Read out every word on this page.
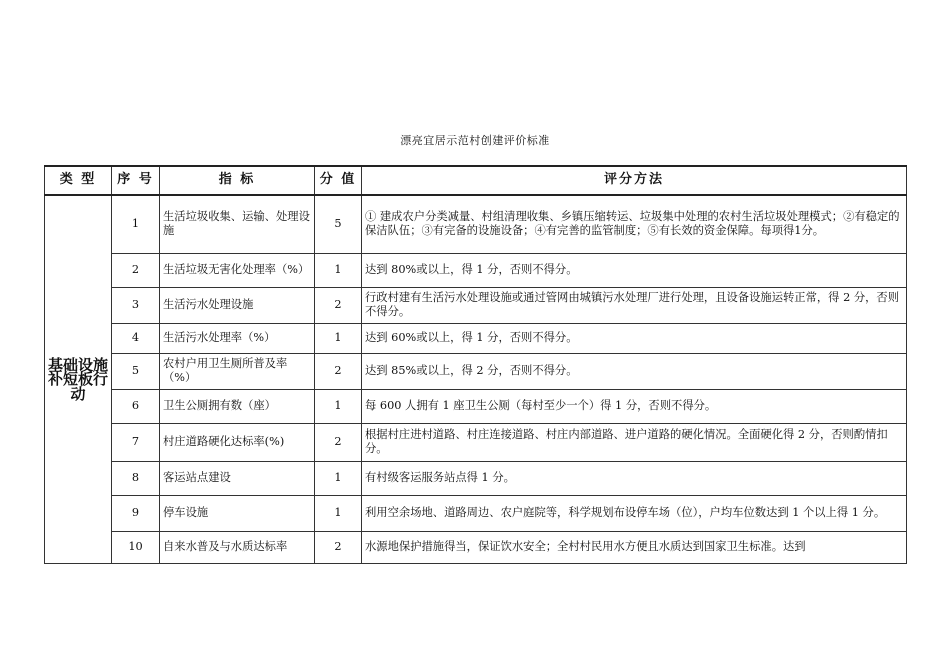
漂亮宜居示范村创建评价标准
类 型	序 号	指 标	分 值	评分方法
基础设施补短板行动	1	生活垃圾收集、运输、处理设施	5	① 建成农户分类减量、村组清理收集、乡镇压缩转运、垃圾集中处理的农村生活垃圾处理模式；②有稳定的保洁队伍；③有完备的设施设备；④有完善的监管制度；⑤有长效的资金保障。每项得1分。
	2	生活垃圾无害化处理率（%）	1	达到 80%或以上，得 1 分，否则不得分。
	3	生活污水处理设施	2	行政村建有生活污水处理设施或通过管网由城镇污水处理厂进行处理，且设备设施运转正常，得 2 分，否则不得分。
	4	生活污水处理率（%）	1	达到 60%或以上，得 1 分，否则不得分。
	5	农村户用卫生厕所普及率（%）	2	达到 85%或以上，得 2 分，否则不得分。
	6	卫生公厕拥有数（座）	1	每 600 人拥有 1 座卫生公厕（每村至少一个）得 1 分，否则不得分。
	7	村庄道路硬化达标率(%)	2	根据村庄进村道路、村庄连接道路、村庄内部道路、进户道路的硬化情况。全面硬化得 2 分，否则酌情扣分。
	8	客运站点建设	1	有村级客运服务站点得 1 分。
	9	停车设施	1	利用空余场地、道路周边、农户庭院等，科学规划布设停车场（位），户均车位数达到 1 个以上得 1 分。
	10	自来水普及与水质达标率	2	水源地保护措施得当，保证饮水安全；全村村民用水方便且水质达到国家卫生标准。达到
